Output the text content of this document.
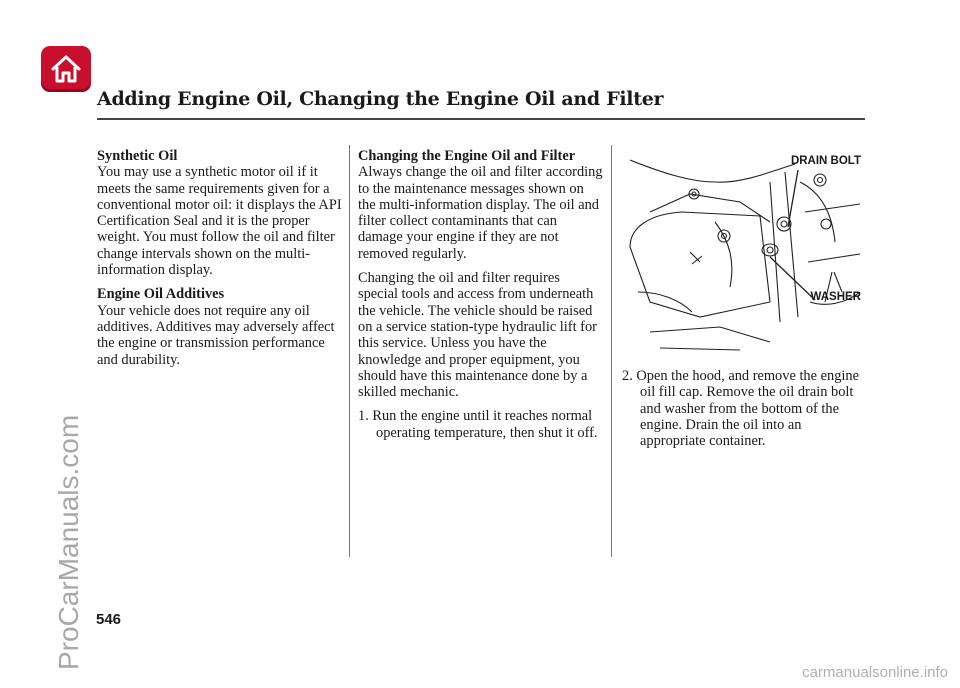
Adding Engine Oil, Changing the Engine Oil and Filter

Synthetic Oil
You may use a synthetic motor oil if it meets the same requirements given for a conventional motor oil: it displays the API Certification Seal and it is the proper weight. You must follow the oil and filter change intervals shown on the multi-information display.

Engine Oil Additives
Your vehicle does not require any oil additives. Additives may adversely affect the engine or transmission performance and durability.

Changing the Engine Oil and Filter
Always change the oil and filter according to the maintenance messages shown on the multi-information display. The oil and filter collect contaminants that can damage your engine if they are not removed regularly.

Changing the oil and filter requires special tools and access from underneath the vehicle. The vehicle should be raised on a service station-type hydraulic lift for this service. Unless you have the knowledge and proper equipment, you should have this maintenance done by a skilled mechanic.

1. Run the engine until it reaches normal operating temperature, then shut it off.

DRAIN BOLT
WASHER

2. Open the hood, and remove the engine oil fill cap. Remove the oil drain bolt and washer from the bottom of the engine. Drain the oil into an appropriate container.

546
ProCarManuals.com
carmanualsonline.info
